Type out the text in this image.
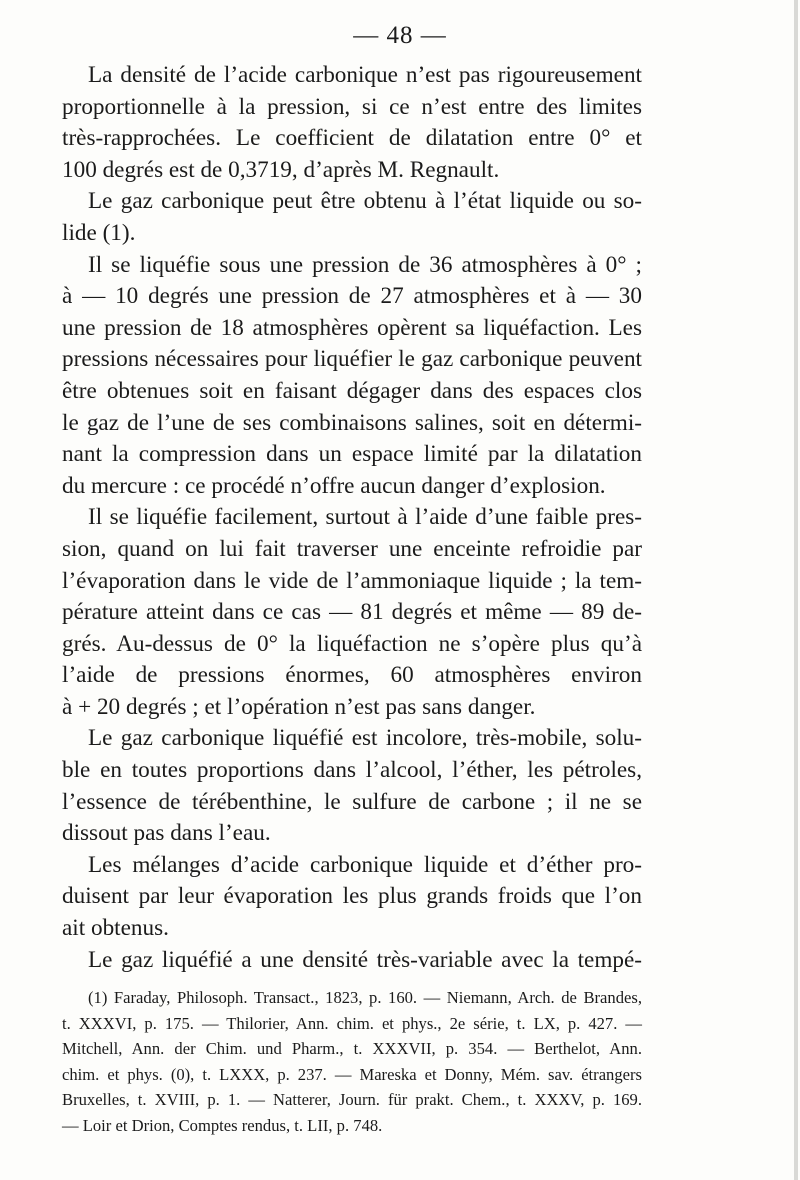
— 48 —
La densité de l’acide carbonique n’est pas rigoureusement
proportionnelle à la pression, si ce n’est entre des limites
très-rapprochées. Le coefficient de dilatation entre 0° et
100 degrés est de 0,3719, d’après M. Regnault.
Le gaz carbonique peut être obtenu à l’état liquide ou so-
lide (1).
Il se liquéfie sous une pression de 36 atmosphères à 0° ;
à — 10 degrés une pression de 27 atmosphères et à — 30
une pression de 18 atmosphères opèrent sa liquéfaction. Les
pressions nécessaires pour liquéfier le gaz carbonique peuvent
être obtenues soit en faisant dégager dans des espaces clos
le gaz de l’une de ses combinaisons salines, soit en détermi-
nant la compression dans un espace limité par la dilatation
du mercure : ce procédé n’offre aucun danger d’explosion.
Il se liquéfie facilement, surtout à l’aide d’une faible pres-
sion, quand on lui fait traverser une enceinte refroidie par
l’évaporation dans le vide de l’ammoniaque liquide ; la tem-
pérature atteint dans ce cas — 81 degrés et même — 89 de-
grés. Au-dessus de 0° la liquéfaction ne s’opère plus qu’à
l’aide de pressions énormes, 60 atmosphères environ
à + 20 degrés ; et l’opération n’est pas sans danger.
Le gaz carbonique liquéfié est incolore, très-mobile, solu-
ble en toutes proportions dans l’alcool, l’éther, les pétroles,
l’essence de térébenthine, le sulfure de carbone ; il ne se
dissout pas dans l’eau.
Les mélanges d’acide carbonique liquide et d’éther pro-
duisent par leur évaporation les plus grands froids que l’on
ait obtenus.
Le gaz liquéfié a une densité très-variable avec la tempé-
(1) Faraday, Philosoph. Transact., 1823, p. 160. — Niemann, Arch. de Brandes,
t. XXXVI, p. 175. — Thilorier, Ann. chim. et phys., 2e série, t. LX, p. 427. —
Mitchell, Ann. der Chim. und Pharm., t. XXXVII, p. 354. — Berthelot, Ann.
chim. et phys. (0), t. LXXX, p. 237. — Mareska et Donny, Mém. sav. étrangers
Bruxelles, t. XVIII, p. 1. — Natterer, Journ. für prakt. Chem., t. XXXV, p. 169.
— Loir et Drion, Comptes rendus, t. LII, p. 748.
